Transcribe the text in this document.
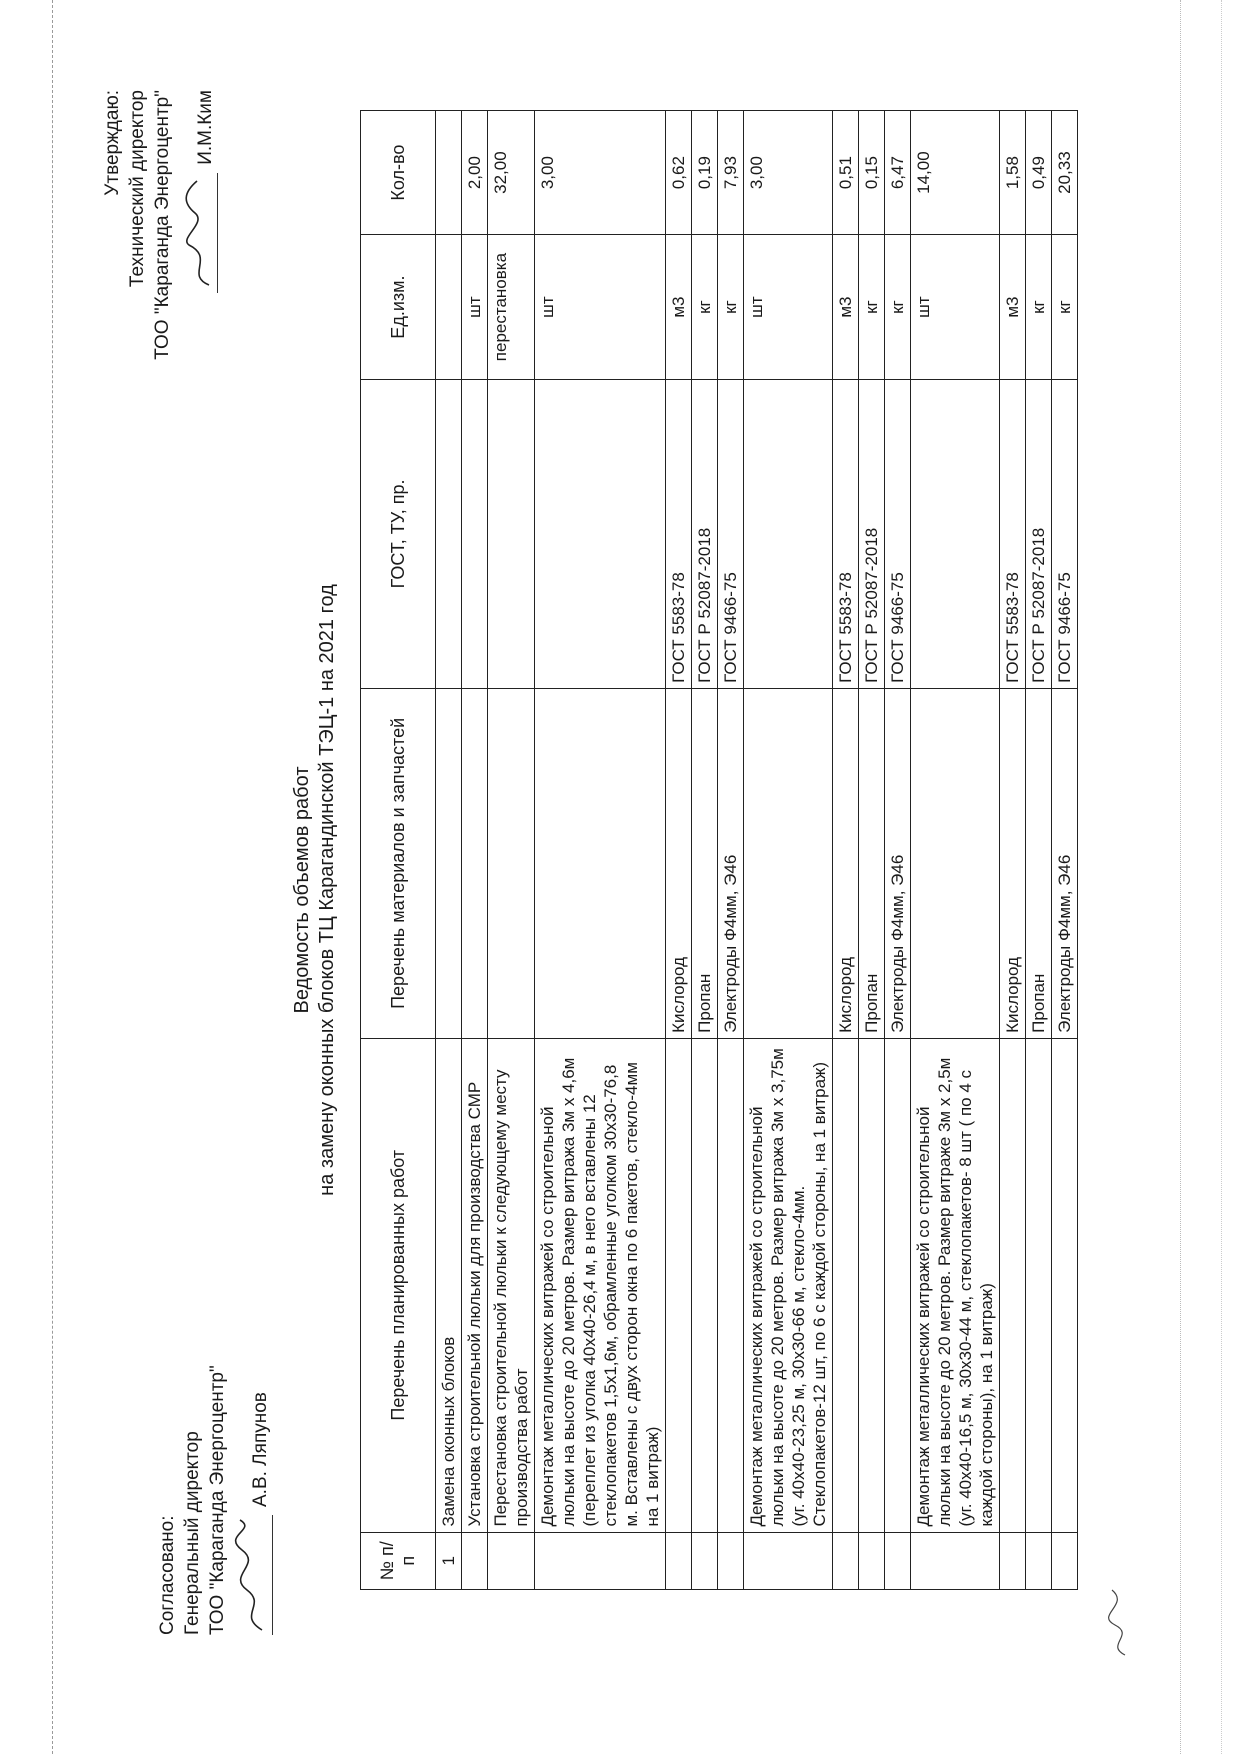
Согласовано: Генеральный директор ТОО "Караганда Энергоцентр" А.В. Ляпунов
Утверждаю: Технический директор ТОО "Караганда Энергоцентр" И.М.Ким
Ведомость объемов работ на замену оконных блоков ТЦ Карагандинской ТЭЦ-1 на 2021 год
№ п/п	Перечень планированных работ	Перечень материалов и запчастей	ГОСТ, ТУ, пр.	Ед.изм.	Кол-во
1	Замена оконных блоков				
	Установка строительной люльки для производства СМР			шт	2,00
	Перестановка строительной люльки к следующему месту производства работ			перестановка	32,00
	Демонтаж металлических витражей со строительной люльки на высоте до 20 метров. Размер витража 3м х 4,6м (переплет из уголка 40х40-26,4 м, в него вставлены 12 стеклопакетов 1,5х1,6м, обрамленные уголком 30х30-76,8 м. Вставлены с двух сторон окна по 6 пакетов, стекло-4мм на 1 витраж)			шт	3,00
		Кислород	ГОСТ 5583-78	м3	0,62
		Пропан	ГОСТ Р 52087-2018	кг	0,19
		Электроды Ф4мм, Э46	ГОСТ 9466-75	кг	7,93
	Демонтаж металлических витражей со строительной люльки на высоте до 20 метров. Размер витража 3м х 3,75м (уг. 40х40-23,25 м, 30х30-66 м, стекло-4мм. Стеклопакетов-12 шт, по 6 с каждой стороны, на 1 витраж)			шт	3,00
		Кислород	ГОСТ 5583-78	м3	0,51
		Пропан	ГОСТ Р 52087-2018	кг	0,15
		Электроды Ф4мм, Э46	ГОСТ 9466-75	кг	6,47
	Демонтаж металлических витражей со строительной люльки на высоте до 20 метров. Размер витраже 3м х 2,5м (уг. 40х40-16,5 м, 30х30-44 м, стеклопакетов- 8 шт ( по 4 с каждой стороны), на 1 витраж)			шт	14,00
		Кислород	ГОСТ 5583-78	м3	1,58
		Пропан	ГОСТ Р 52087-2018	кг	0,49
		Электроды Ф4мм, Э46	ГОСТ 9466-75	кг	20,33
